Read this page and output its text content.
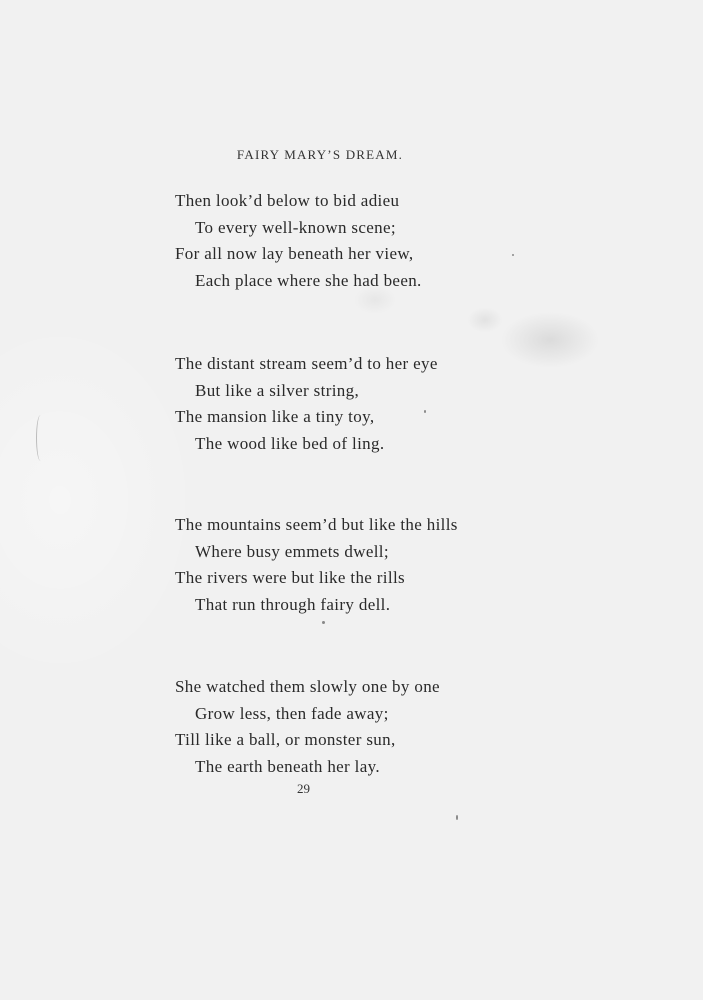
FAIRY MARY’S DREAM.
Then look’d below to bid adieu
To every well-known scene;
For all now lay beneath her view,
Each place where she had been.
The distant stream seem’d to her eye
But like a silver string,
The mansion like a tiny toy,
The wood like bed of ling.
The mountains seem’d but like the hills
Where busy emmets dwell;
The rivers were but like the rills
That run through fairy dell.
She watched them slowly one by one
Grow less, then fade away;
Till like a ball, or monster sun,
The earth beneath her lay.
29
